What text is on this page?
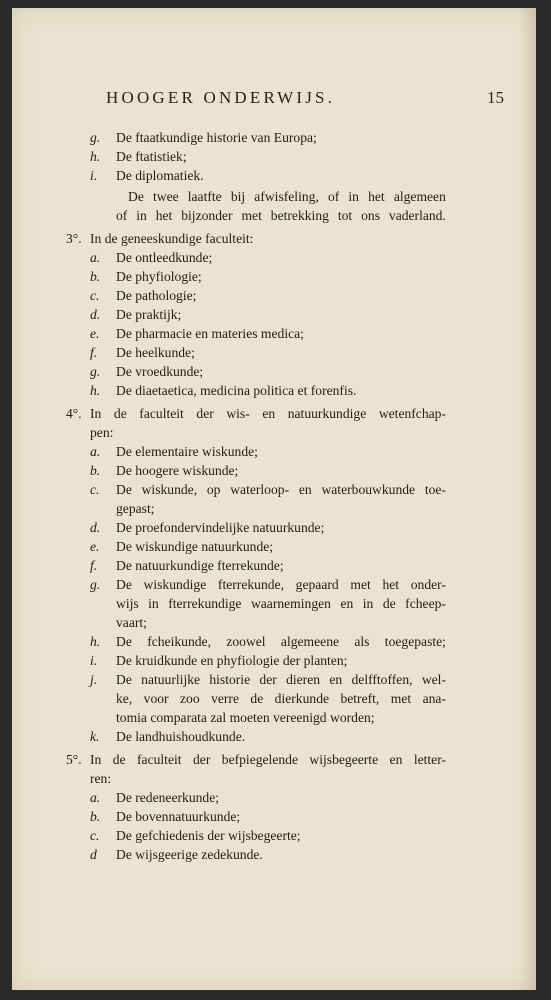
HOOGER ONDERWIJS.	15
g. De ftaatkundige historie van Europa;
h. De ftatistiek;
i. De diplomatiek.
De twee laatfte bij afwisfeling, of in het algemeen
of in het bijzonder met betrekking tot ons vaderland.
3°. In de geneeskundige faculteit:
a. De ontleedkunde;
b. De phyfiologie;
c. De pathologie;
d. De praktijk;
e. De pharmacie en materies medica;
f. De heelkunde;
g. De vroedkunde;
h. De diaetaetica, medicina politica et forenfis.
4°. In de faculteit der wis- en natuurkundige wetenfchap-
pen:
a. De elementaire wiskunde;
b. De hoogere wiskunde;
c. De wiskunde, op waterloop- en waterbouwkunde toe-
gepast;
d. De proefondervindelijke natuurkunde;
e. De wiskundige natuurkunde;
f. De natuurkundige fterrekunde;
g. De wiskundige fterrekunde, gepaard met het onder-
wijs in fterrekundige waarnemingen en in de fcheep-
vaart;
h. De fcheikunde, zoowel algemeene als toegepaste;
i. De kruidkunde en phyfiologie der planten;
j. De natuurlijke historie der dieren en delfftoffen, wel-
ke, voor zoo verre de dierkunde betreft, met ana-
tomia comparata zal moeten vereenigd worden;
k. De landhuishoudkunde.
5°. In de faculteit der befpiegelende wijsbegeerte en letter-
ren:
a. De redeneerkunde;
b. De bovennatuurkunde;
c. De gefchiedenis der wijsbegeerte;
d De wijsgeerige zedekunde.
